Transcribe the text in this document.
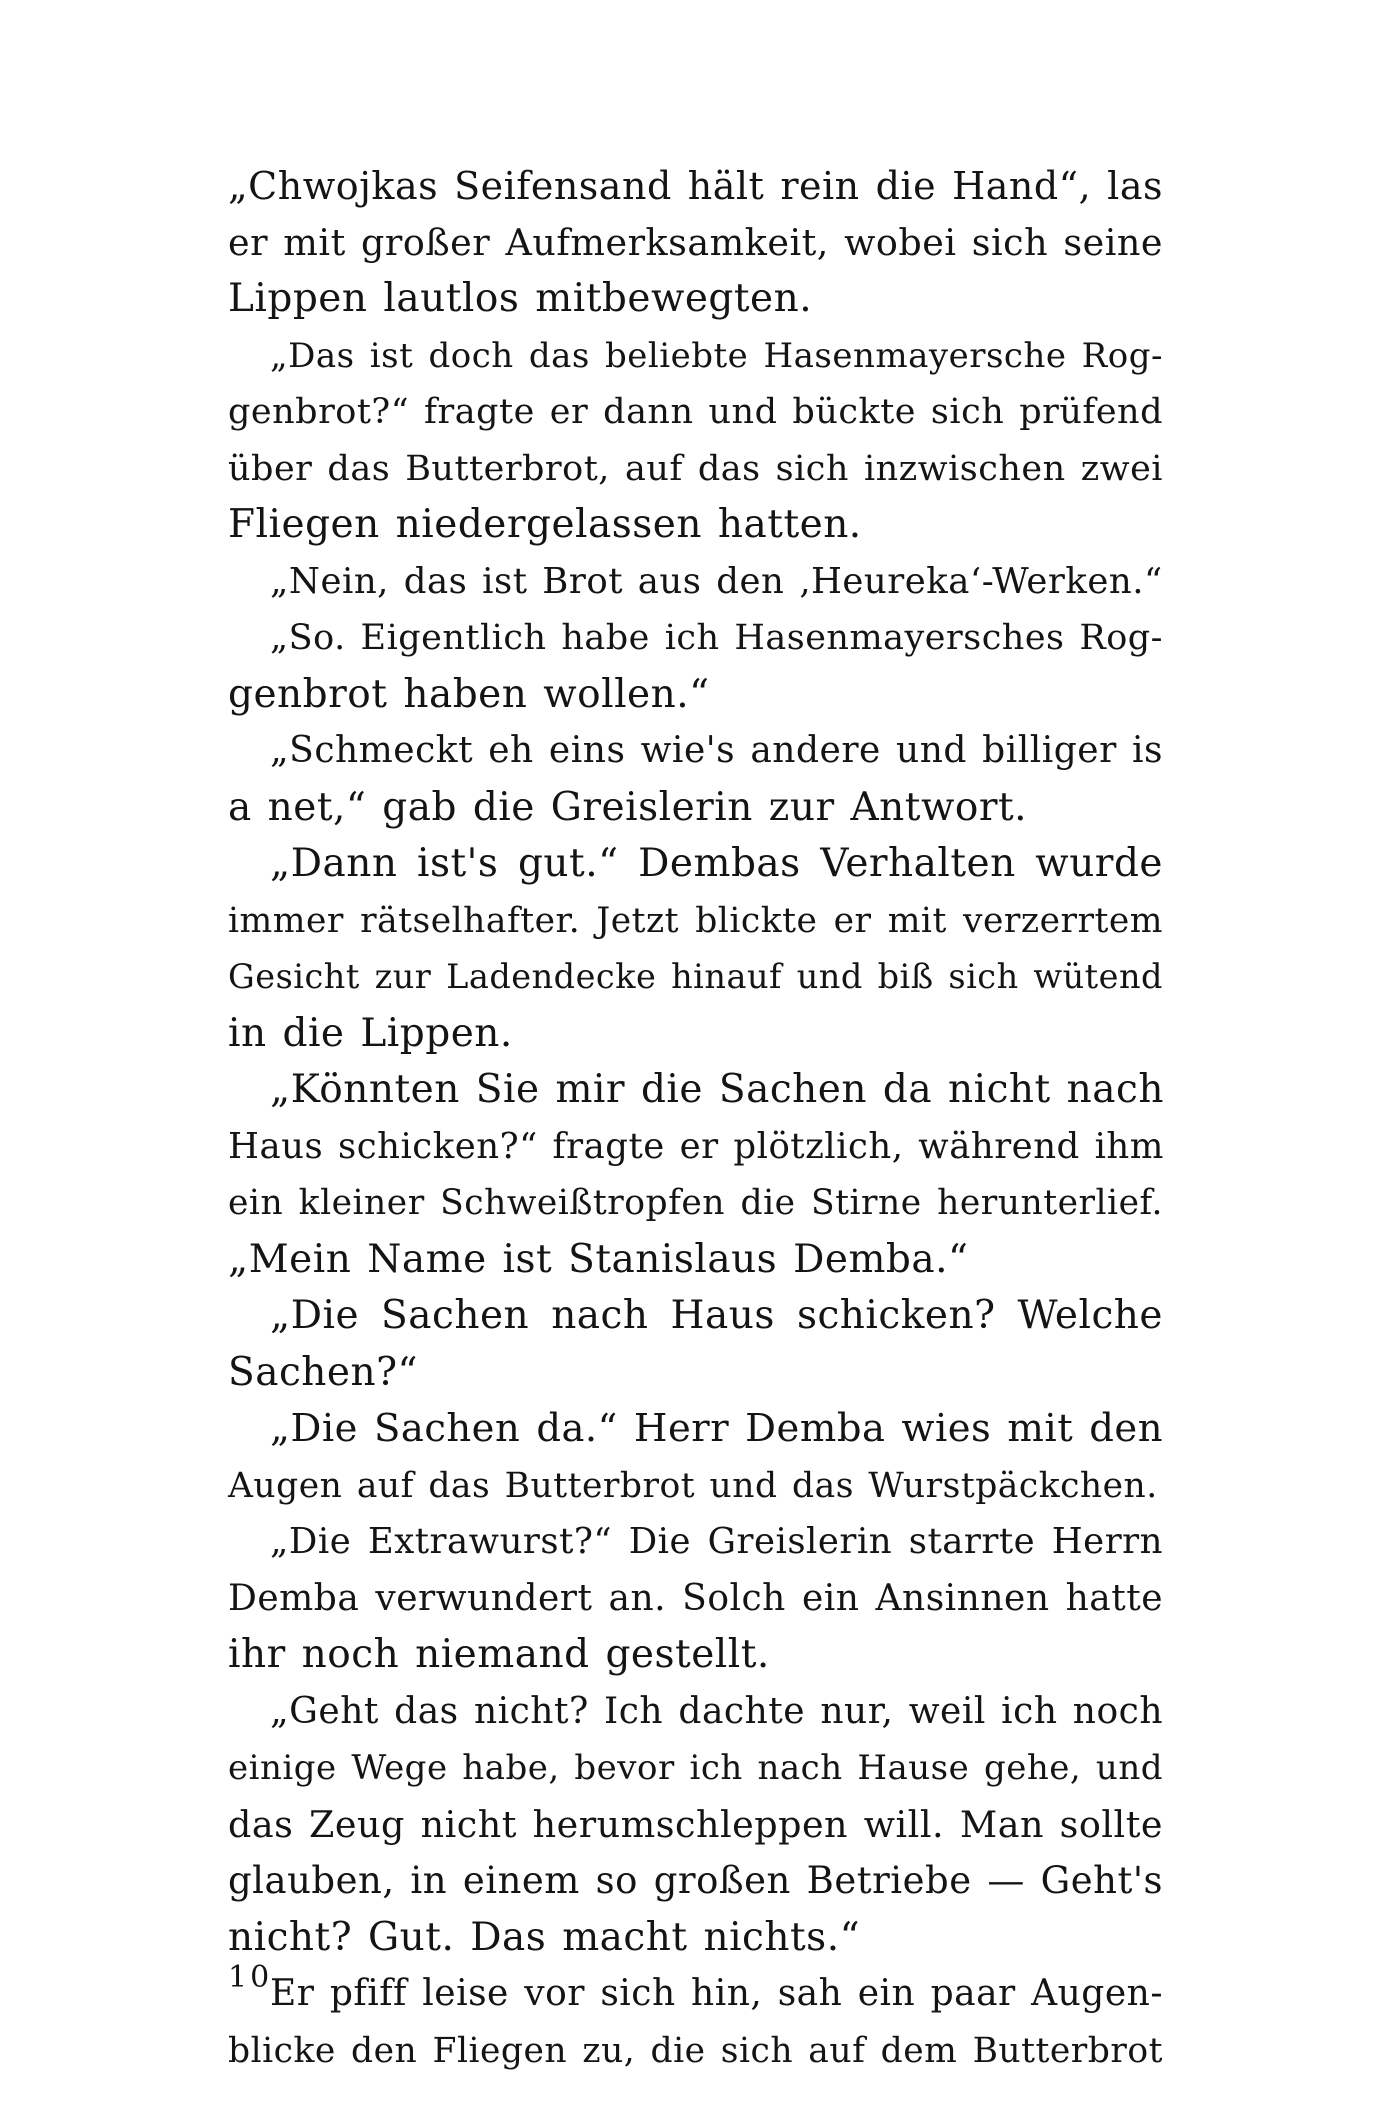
„Chwojkas Seifensand hält rein die Hand“, las
er mit großer Aufmerksamkeit, wobei sich seine
Lippen lautlos mitbewegten.
„Das ist doch das beliebte Hasenmayersche Rog-
genbrot?“ fragte er dann und bückte sich prüfend
über das Butterbrot, auf das sich inzwischen zwei
Fliegen niedergelassen hatten.
„Nein, das ist Brot aus den ‚Heureka‘-Werken.“
„So. Eigentlich habe ich Hasenmayersches Rog-
genbrot haben wollen.“
„Schmeckt eh eins wie's andere und billiger is
a net,“ gab die Greislerin zur Antwort.
„Dann ist's gut.“ Dembas Verhalten wurde
immer rätselhafter. Jetzt blickte er mit verzerrtem
Gesicht zur Ladendecke hinauf und biß sich wütend
in die Lippen.
„Könnten Sie mir die Sachen da nicht nach
Haus schicken?“ fragte er plötzlich, während ihm
ein kleiner Schweißtropfen die Stirne herunterlief.
„Mein Name ist Stanislaus Demba.“
„Die Sachen nach Haus schicken? Welche
Sachen?“
„Die Sachen da.“ Herr Demba wies mit den
Augen auf das Butterbrot und das Wurstpäckchen.
„Die Extrawurst?“ Die Greislerin starrte Herrn
Demba verwundert an. Solch ein Ansinnen hatte
ihr noch niemand gestellt.
„Geht das nicht? Ich dachte nur, weil ich noch
einige Wege habe, bevor ich nach Hause gehe, und
das Zeug nicht herumschleppen will. Man sollte
glauben, in einem so großen Betriebe — Geht's
nicht? Gut. Das macht nichts.“
Er pfiff leise vor sich hin, sah ein paar Augen-
blicke den Fliegen zu, die sich auf dem Butterbrot
10
